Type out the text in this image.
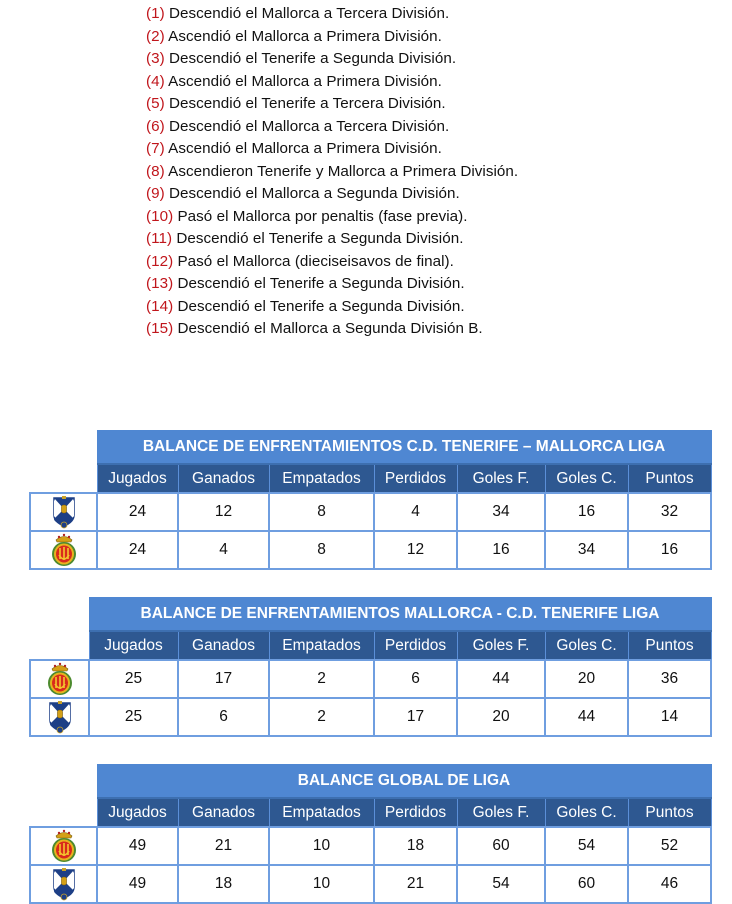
(1) Descendió el Mallorca a Tercera División.
(2) Ascendió el Mallorca a Primera División.
(3) Descendió el Tenerife a Segunda División.
(4) Ascendió el Mallorca a Primera División.
(5) Descendió el Tenerife a Tercera División.
(6) Descendió el Mallorca a Tercera División.
(7) Ascendió el Mallorca a Primera División.
(8) Ascendieron Tenerife y Mallorca a Primera División.
(9) Descendió el Mallorca a Segunda División.
(10) Pasó el Mallorca por penaltis (fase previa).
(11) Descendió el Tenerife a Segunda División.
(12) Pasó el Mallorca (dieciseisavos de final).
(13) Descendió el Tenerife a Segunda División.
(14) Descendió el Tenerife a Segunda División.
(15) Descendió el Mallorca a Segunda División B.
	BALANCE DE ENFRENTAMIENTOS C.D. TENERIFE – MALLORCA LIGA						
	Jugados	Ganados	Empatados	Perdidos	Goles F.	Goles C.	Puntos
	24	12	8	4	34	16	32
	24	4	8	12	16	34	16
	BALANCE DE ENFRENTAMIENTOS MALLORCA - C.D. TENERIFE LIGA						
	Jugados	Ganados	Empatados	Perdidos	Goles F.	Goles C.	Puntos
	25	17	2	6	44	20	36
	25	6	2	17	20	44	14
	BALANCE GLOBAL DE LIGA						
	Jugados	Ganados	Empatados	Perdidos	Goles F.	Goles C.	Puntos
	49	21	10	18	60	54	52
	49	18	10	21	54	60	46
